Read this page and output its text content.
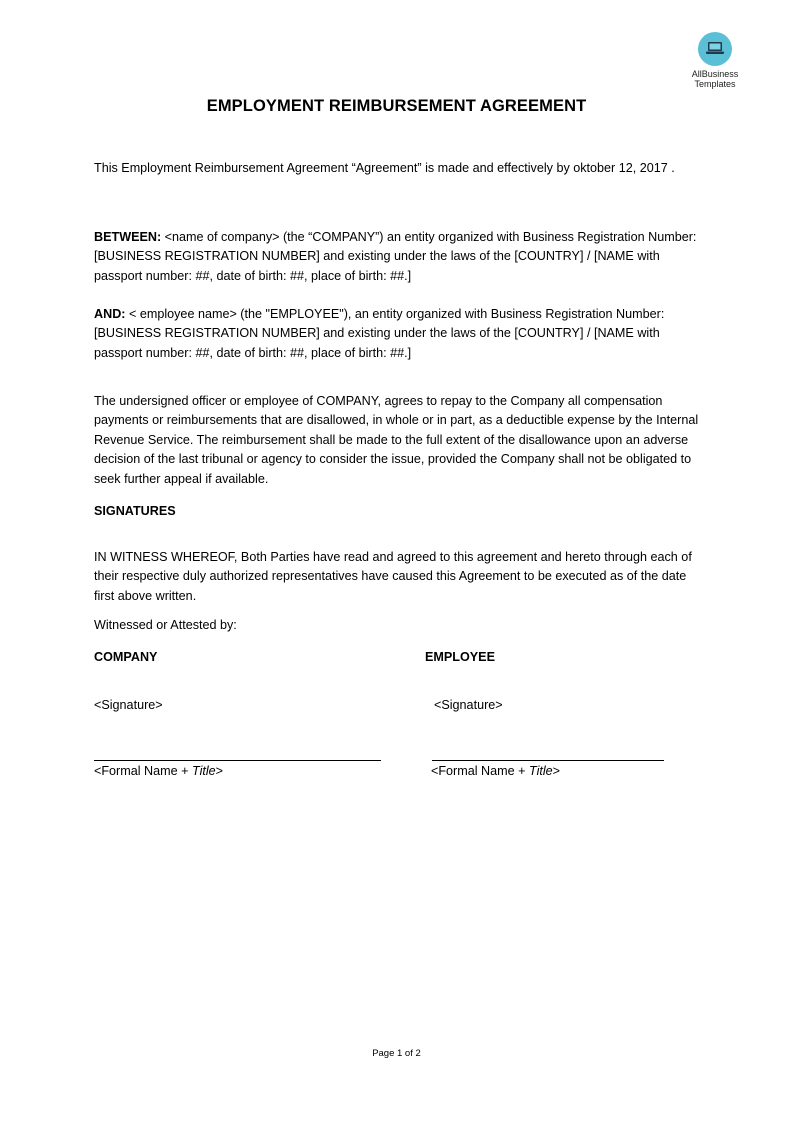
AllBusiness
Templates
EMPLOYMENT REIMBURSEMENT AGREEMENT
This Employment Reimbursement Agreement “Agreement” is made and effectively by oktober 12, 2017 .
BETWEEN: <name of company> (the “COMPANY”) an entity organized with Business Registration Number: [BUSINESS REGISTRATION NUMBER] and existing under the laws of the [COUNTRY] / [NAME with passport number: ##, date of birth: ##, place of birth: ##.]
AND: < employee name> (the "EMPLOYEE"), an entity organized with Business Registration Number: [BUSINESS REGISTRATION NUMBER] and existing under the laws of the [COUNTRY] / [NAME with passport number: ##, date of birth: ##, place of birth: ##.]
The undersigned officer or employee of COMPANY, agrees to repay to the Company all compensation payments or reimbursements that are disallowed, in whole or in part, as a deductible expense by the Internal Revenue Service. The reimbursement shall be made to the full extent of the disallowance upon an adverse decision of the last tribunal or agency to consider the issue, provided the Company shall not be obligated to seek further appeal if available.
SIGNATURES
IN WITNESS WHEREOF, Both Parties have read and agreed to this agreement and hereto through each of their respective duly authorized representatives have caused this Agreement to be executed as of the date first above written.
Witnessed or Attested by:
COMPANY	EMPLOYEE
<Signature>	<Signature>
<Formal Name + Title>	<Formal Name + Title>
Page 1 of 2
